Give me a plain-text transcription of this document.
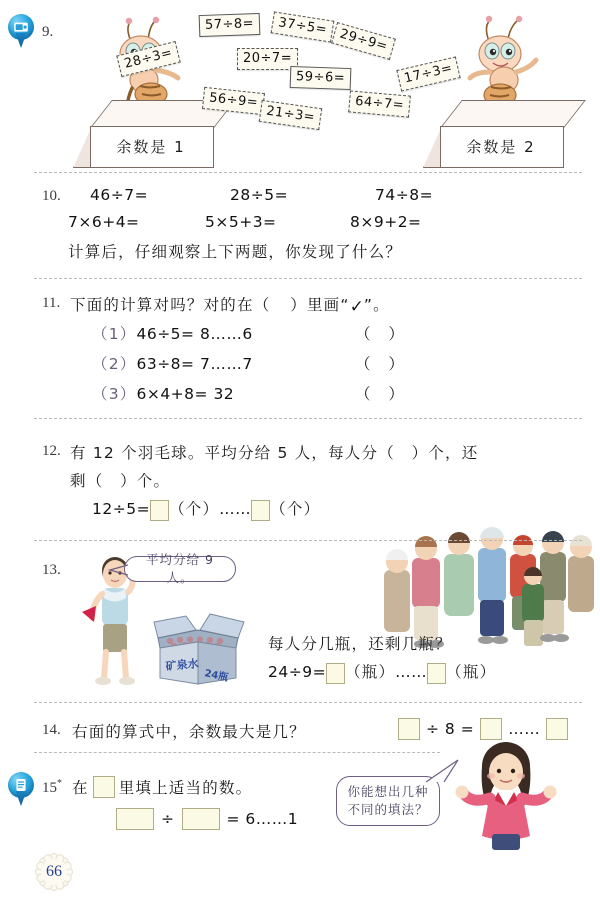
9.
余数是 1	余数是 2
28÷3=
57÷8=	37÷5=
29÷9=
20÷7=
59÷6=
56÷9=
21÷3=
64÷7=
17÷3=
10. 46÷7=	28÷5=	74÷8=
7×6+4=	5×5+3=	8×9+2=
计算后，仔细观察上下两题，你发现了什么？
11. 下面的计算对吗？对的在（ ）里画“✓”。
（1）46÷5= 8……6	（　）
（2）63÷8= 7……7	（　）
（3）6×4+8= 32	（　）
12. 有 12 个羽毛球。平均分给 5 人，每人分（　）个，还
剩（　）个。
12÷5= （个）…… （个）
13.
平均分给 9 人。
矿泉水
24瓶
每人分几瓶，还剩几瓶？
24÷9= （瓶）…… （瓶）
14. 右面的算式中，余数最大是几？	÷ 8 = ……
15* 在 里填上适当的数。
÷	= 6……1
你能想出几种
不同的填法？
66
